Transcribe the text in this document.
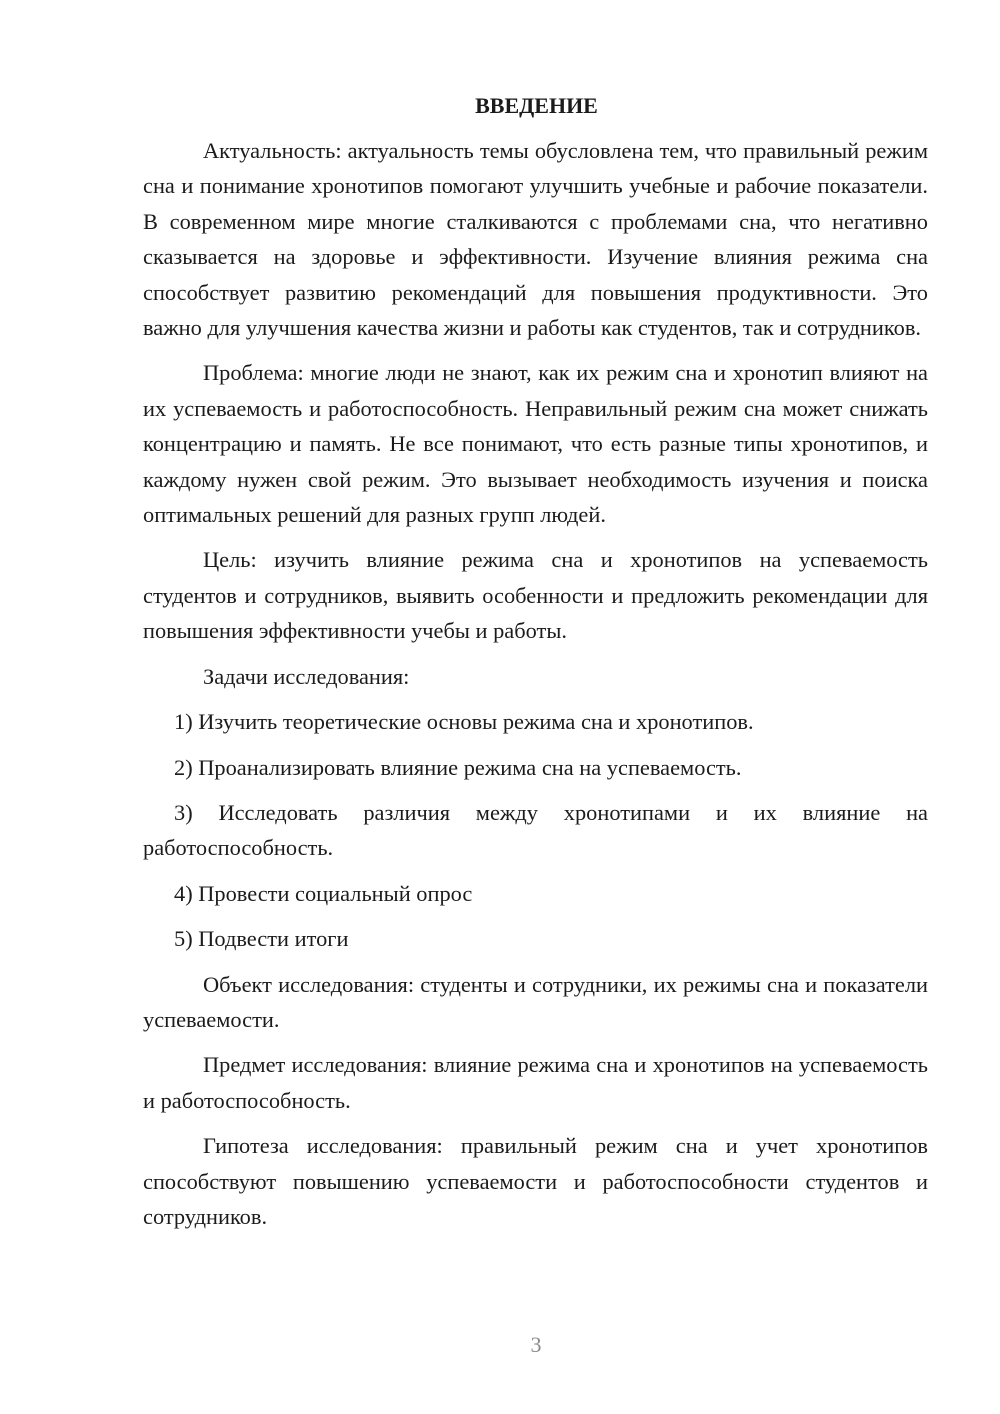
ВВЕДЕНИЕ

Актуальность: актуальность темы обусловлена тем, что правильный режим сна и понимание хронотипов помогают улучшить учебные и рабочие показатели. В современном мире многие сталкиваются с проблемами сна, что негативно сказывается на здоровье и эффективности. Изучение влияния режима сна способствует развитию рекомендаций для повышения продуктивности. Это важно для улучшения качества жизни и работы как студентов, так и сотрудников.

Проблема: многие люди не знают, как их режим сна и хронотип влияют на их успеваемость и работоспособность. Неправильный режим сна может снижать концентрацию и память. Не все понимают, что есть разные типы хронотипов, и каждому нужен свой режим. Это вызывает необходимость изучения и поиска оптимальных решений для разных групп людей.

Цель: изучить влияние режима сна и хронотипов на успеваемость студентов и сотрудников, выявить особенности и предложить рекомендации для повышения эффективности учебы и работы.

Задачи исследования:

1) Изучить теоретические основы режима сна и хронотипов.

2) Проанализировать влияние режима сна на успеваемость.

3) Исследовать различия между хронотипами и их влияние на работоспособность.

4) Провести социальный опрос

5) Подвести итоги

Объект исследования: студенты и сотрудники, их режимы сна и показатели успеваемости.

Предмет исследования: влияние режима сна и хронотипов на успеваемость и работоспособность.

Гипотеза исследования: правильный режим сна и учет хронотипов способствуют повышению успеваемости и работоспособности студентов и сотрудников.

3
